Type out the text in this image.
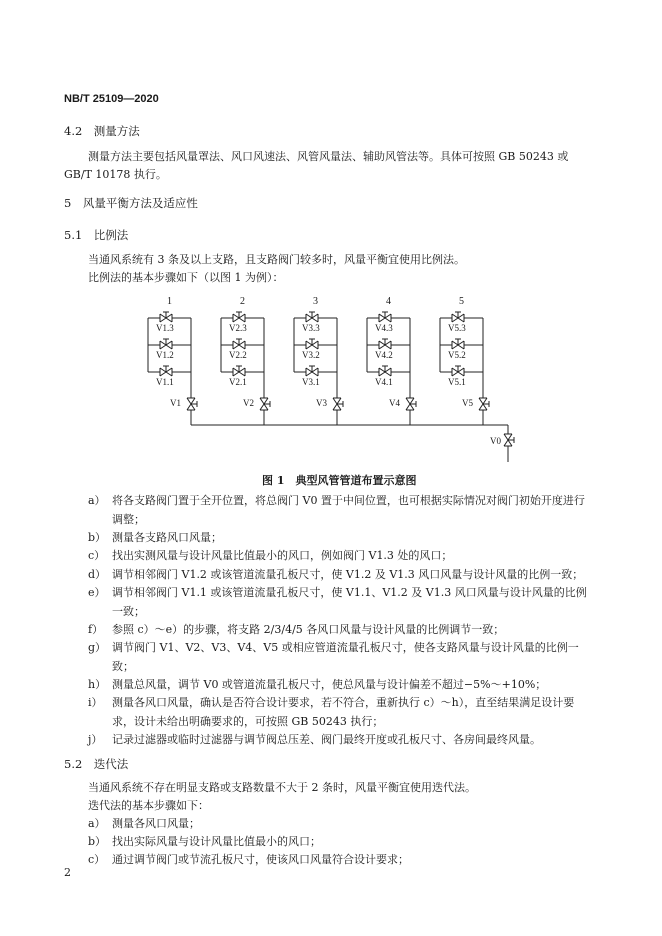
NB/T 25109—2020
4.2　测量方法
测量方法主要包括风量罩法、风口风速法、风管风量法、辅助风管法等。具体可按照 GB 50243 或
GB/T 10178 执行。
5　风量平衡方法及适应性
5.1　比例法
当通风系统有 3 条及以上支路，且支路阀门较多时，风量平衡宜使用比例法。
比例法的基本步骤如下（以图 1 为例）：
1
V1.3
V1.2
V1.1
V1
2
V2.3
V2.2
V2.1
V2
3
V3.3
V3.2
V3.1
V3
4
V4.3
V4.2
V4.1
V4
5
V5.3
V5.2
V5.1
V5
V0
图 1　典型风管管道布置示意图
a） 将各支路阀门置于全开位置，将总阀门 V0 置于中间位置，也可根据实际情况对阀门初始开度进行调整；
b） 测量各支路风口风量；
c） 找出实测风量与设计风量比值最小的风口，例如阀门 V1.3 处的风口；
d） 调节相邻阀门 V1.2 或该管道流量孔板尺寸，使 V1.2 及 V1.3 风口风量与设计风量的比例一致；
e） 调节相邻阀门 V1.1 或该管道流量孔板尺寸，使 V1.1、V1.2 及 V1.3 风口风量与设计风量的比例一致；
f） 参照 c）～e）的步骤，将支路 2/3/4/5 各风口风量与设计风量的比例调节一致；
g） 调节阀门 V1、V2、V3、V4、V5 或相应管道流量孔板尺寸，使各支路风量与设计风量的比例一致；
h） 测量总风量，调节 V0 或管道流量孔板尺寸，使总风量与设计偏差不超过−5%～+10%；
i） 测量各风口风量，确认是否符合设计要求，若不符合，重新执行 c）～h），直至结果满足设计要求，设计未给出明确要求的，可按照 GB 50243 执行；
j） 记录过滤器或临时过滤器与调节阀总压差、阀门最终开度或孔板尺寸、各房间最终风量。
5.2　迭代法
当通风系统不存在明显支路或支路数量不大于 2 条时，风量平衡宜使用迭代法。
迭代法的基本步骤如下：
a） 测量各风口风量；
b） 找出实际风量与设计风量比值最小的风口；
c） 通过调节阀门或节流孔板尺寸，使该风口风量符合设计要求；
2
